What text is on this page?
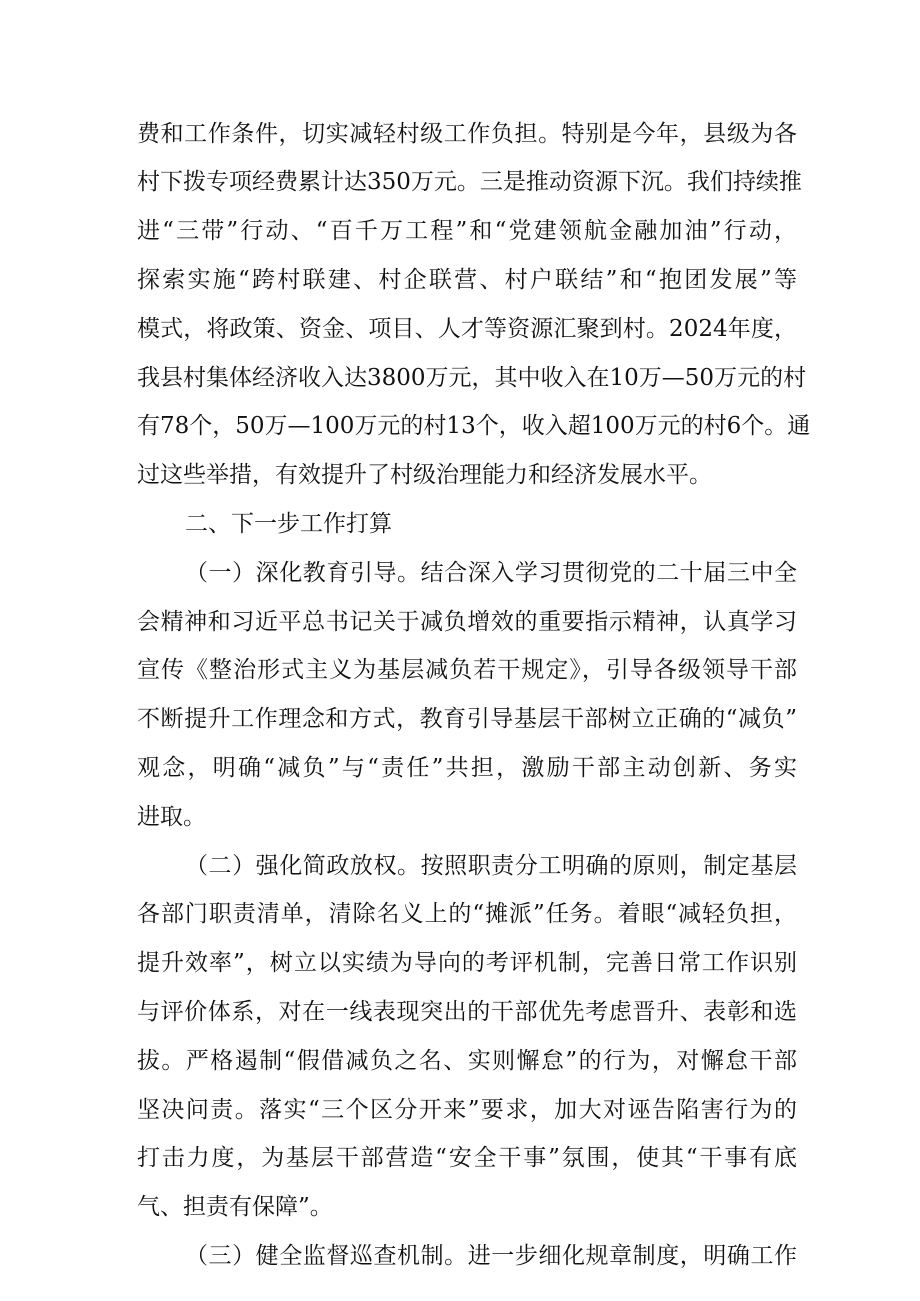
费和工作条件，切实减轻村级工作负担。特别是今年，县级为各
村下拨专项经费累计达350万元。三是推动资源下沉。我们持续推
进“三带”行动、“百千万工程”和“党建领航金融加油”行动，
探索实施“跨村联建、村企联营、村户联结”和“抱团发展”等
模式，将政策、资金、项目、人才等资源汇聚到村。2024年度，
我县村集体经济收入达3800万元，其中收入在10万—50万元的村
有78个，50万—100万元的村13个，收入超100万元的村6个。通
过这些举措，有效提升了村级治理能力和经济发展水平。
二、下一步工作打算
（一）深化教育引导。结合深入学习贯彻党的二十届三中全
会精神和习近平总书记关于减负增效的重要指示精神，认真学习
宣传《整治形式主义为基层减负若干规定》，引导各级领导干部
不断提升工作理念和方式，教育引导基层干部树立正确的“减负”
观念，明确“减负”与“责任”共担，激励干部主动创新、务实
进取。
（二）强化简政放权。按照职责分工明确的原则，制定基层
各部门职责清单，清除名义上的“摊派”任务。着眼“减轻负担，
提升效率”，树立以实绩为导向的考评机制，完善日常工作识别
与评价体系，对在一线表现突出的干部优先考虑晋升、表彰和选
拔。严格遏制“假借减负之名、实则懈怠”的行为，对懈怠干部
坚决问责。落实“三个区分开来”要求，加大对诬告陷害行为的
打击力度，为基层干部营造“安全干事”氛围，使其“干事有底
气、担责有保障”。
（三）健全监督巡查机制。进一步细化规章制度，明确工作
